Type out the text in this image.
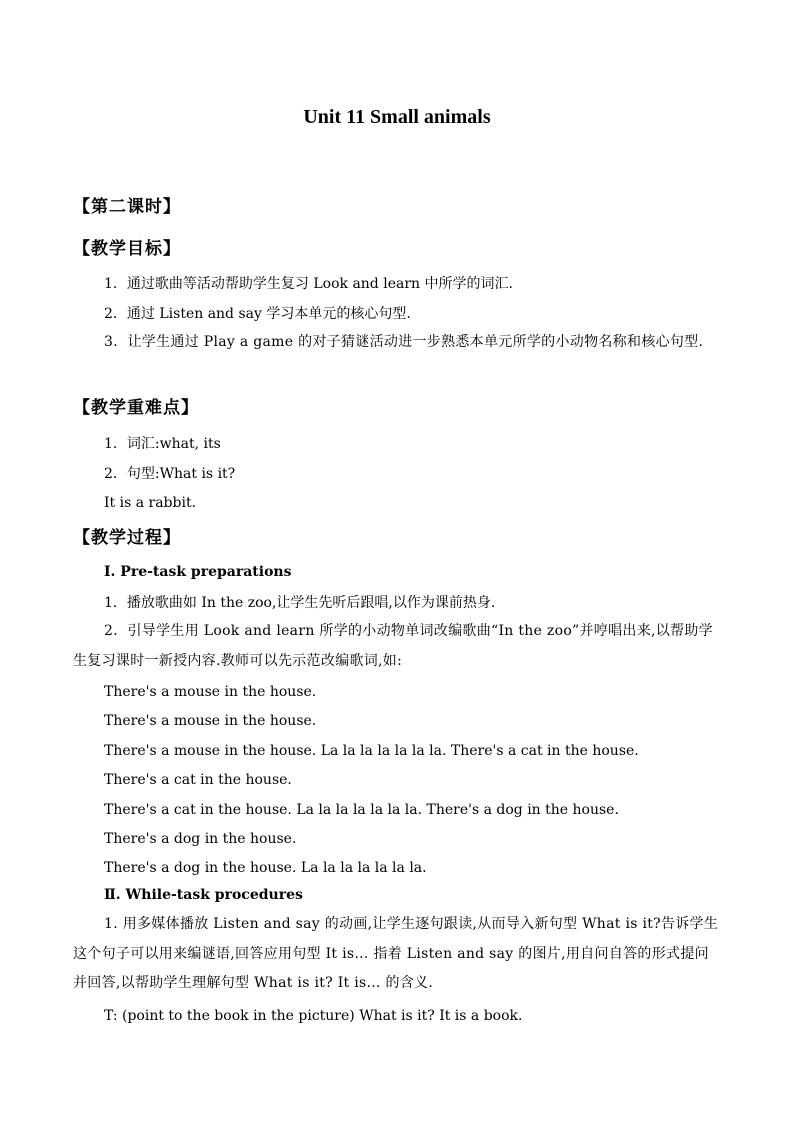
Unit 11 Small animals
【第二课时】
【教学目标】
1．通过歌曲等活动帮助学生复习 Look and learn 中所学的词汇.
2．通过 Listen and say 学习本单元的核心句型.
3．让学生通过 Play a game 的对子猜谜活动进一步熟悉本单元所学的小动物名称和核心句型.
【教学重难点】
1．词汇:what, its
2．句型:What is it?
It is a rabbit.
【教学过程】
Ⅰ. Pre-task preparations
1．播放歌曲如 In the zoo,让学生先听后跟唱,以作为课前热身.
2．引导学生用 Look and learn 所学的小动物单词改编歌曲“In the zoo”并哼唱出来,以帮助学生复习课时一新授内容.教师可以先示范改编歌词,如:
There's a mouse in the house.
There's a mouse in the house.
There's a mouse in the house. La la la la la la la. There's a cat in the house.
There's a cat in the house.
There's a cat in the house. La la la la la la la. There's a dog in the house.
There's a dog in the house.
There's a dog in the house. La la la la la la la.
Ⅱ. While-task procedures
1. 用多媒体播放 Listen and say 的动画,让学生逐句跟读,从而导入新句型 What is it?告诉学生这个句子可以用来编谜语,回答应用句型 It is… 指着 Listen and say 的图片,用自问自答的形式提问并回答,以帮助学生理解句型 What is it? It is… 的含义.
T: (point to the book in the picture) What is it? It is a book.
